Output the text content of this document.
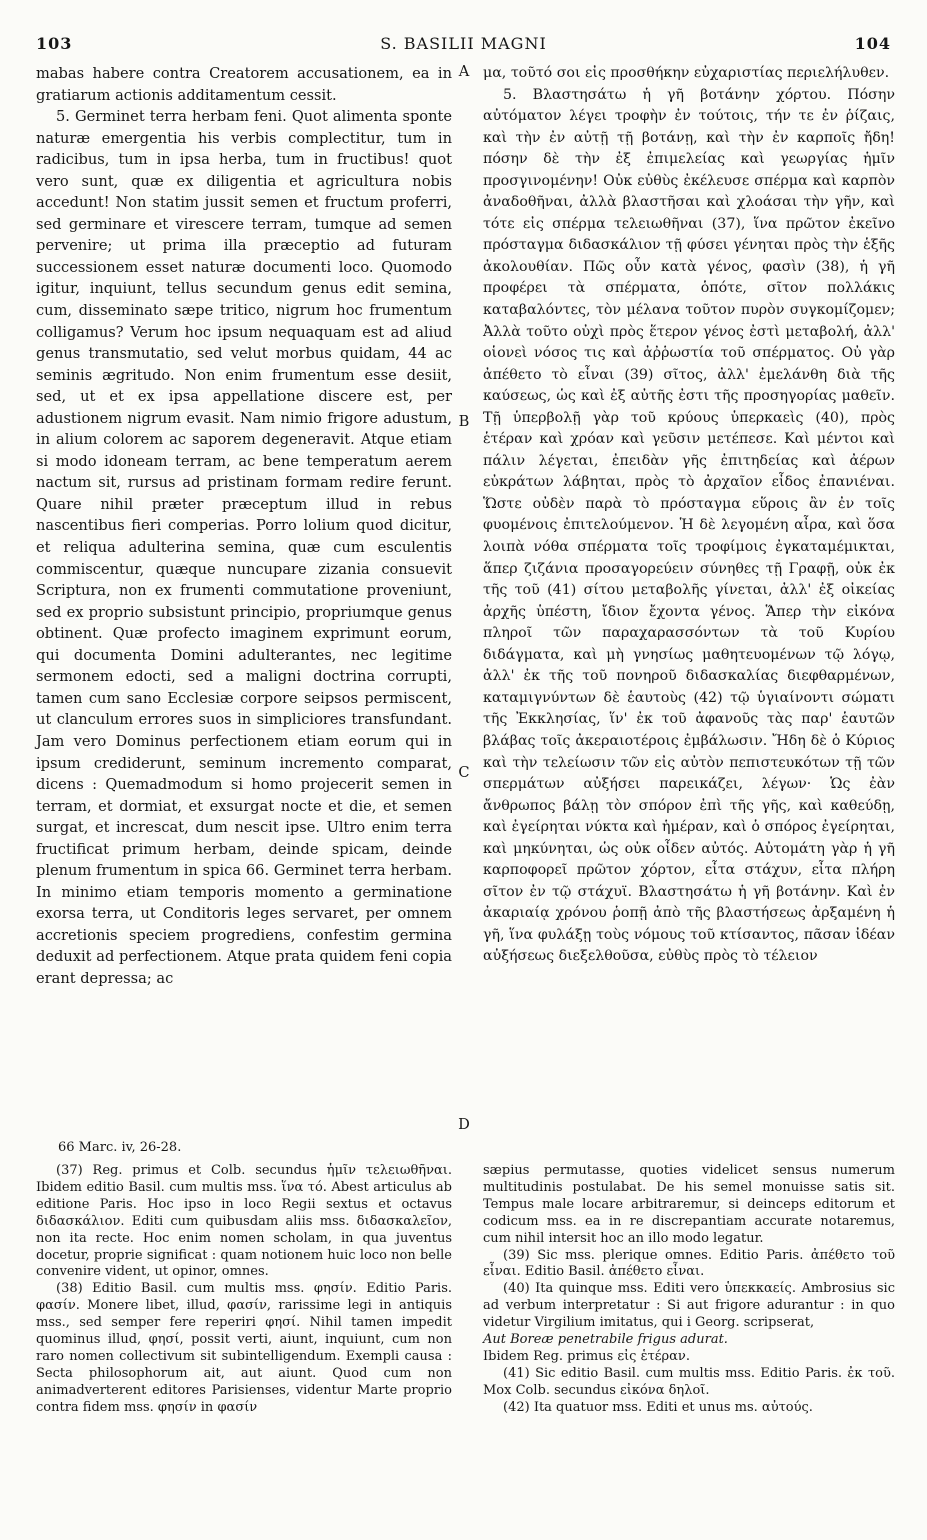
103	S. BASILII MAGNI	104

mabas habere contra Creatorem accusationem, ea in gratiarum actionis additamentum cessit.

5. Germinet terra herbam feni. Quot alimenta sponte naturæ emergentia his verbis complectitur, tum in radicibus, tum in ipsa herba, tum in fructibus! quot vero sunt, quæ ex diligentia et agricultura nobis accedunt! Non statim jussit semen et fructum proferri, sed germinare et virescere terram, tumque ad semen pervenire; ut prima illa præceptio ad futuram successionem esset naturæ documenti loco. Quomodo igitur, inquiunt, tellus secundum genus edit semina, cum, disseminato sæpe tritico, nigrum hoc frumentum colligamus? Verum hoc ipsum nequaquam est ad aliud genus transmutatio, sed velut morbus quidam, 44 ac seminis ægritudo. Non enim frumentum esse desiit, sed, ut et ex ipsa appellatione discere est, per adustionem nigrum evasit. Nam nimio frigore adustum, in alium colorem ac saporem degeneravit. Atque etiam si modo idoneam terram, ac bene temperatum aerem nactum sit, rursus ad pristinam formam redire ferunt. Quare nihil præter præceptum illud in rebus nascentibus fieri comperias. Porro lolium quod dicitur, et reliqua adulterina semina, quæ cum esculentis commiscentur, quæque nuncupare zizania consuevit Scriptura, non ex frumenti commutatione proveniunt, sed ex proprio subsistunt principio, propriumque genus obtinent. Quæ profecto imaginem exprimunt eorum, qui documenta Domini adulterantes, nec legitime sermonem edocti, sed a maligni doctrina corrupti, tamen cum sano Ecclesiæ corpore seipsos permiscent, ut clanculum errores suos in simpliciores transfundant. Jam vero Dominus perfectionem etiam eorum qui in ipsum crediderunt, seminum incremento comparat, dicens : Quemadmodum si homo projecerit semen in terram, et dormiat, et exsurgat nocte et die, et semen surgat, et increscat, dum nescit ipse. Ultro enim terra fructificat primum herbam, deinde spicam, deinde plenum frumentum in spica 66. Germinet terra herbam. In minimo etiam temporis momento a germinatione exorsa terra, ut Conditoris leges servaret, per omnem accretionis speciem progrediens, confestim germina deduxit ad perfectionem. Atque prata quidem feni copia erant depressa; ac

μα, τοῦτό σοι εἰς προσθήκην εὐχαριστίας περιελήλυθεν.

5. Βλαστησάτω ἡ γῆ βοτάνην χόρτου. Πόσην αὐτόματον λέγει τροφὴν ἐν τούτοις, τήν τε ἐν ῥίζαις, καὶ τὴν ἐν αὐτῇ τῇ βοτάνῃ, καὶ τὴν ἐν καρποῖς ἤδη! πόσην δὲ τὴν ἐξ ἐπιμελείας καὶ γεωργίας ἡμῖν προσγινομένην! Οὐκ εὐθὺς ἐκέλευσε σπέρμα καὶ καρπὸν ἀναδοθῆναι, ἀλλὰ βλαστῆσαι καὶ χλοάσαι τὴν γῆν, καὶ τότε εἰς σπέρμα τελειωθῆναι (37), ἵνα πρῶτον ἐκεῖνο πρόσταγμα διδασκάλιον τῇ φύσει γένηται πρὸς τὴν ἑξῆς ἀκολουθίαν. Πῶς οὖν κατὰ γένος, φασὶν (38), ἡ γῆ προφέρει τὰ σπέρματα, ὁπότε, σῖτον πολλάκις καταβαλόντες, τὸν μέλανα τοῦτον πυρὸν συγκομίζομεν; Ἀλλὰ τοῦτο οὐχὶ πρὸς ἕτερον γένος ἐστὶ μεταβολή, ἀλλ' οἱονεὶ νόσος τις καὶ ἀῤῥωστία τοῦ σπέρματος. Οὐ γὰρ ἀπέθετο τὸ εἶναι (39) σῖτος, ἀλλ' ἐμελάνθη διὰ τῆς καύσεως, ὡς καὶ ἐξ αὐτῆς ἐστι τῆς προσηγορίας μαθεῖν. Τῇ ὑπερβολῇ γὰρ τοῦ κρύους ὑπερκαεὶς (40), πρὸς ἑτέραν καὶ χρόαν καὶ γεῦσιν μετέπεσε. Καὶ μέντοι καὶ πάλιν λέγεται, ἐπειδὰν γῆς ἐπιτηδείας καὶ ἀέρων εὐκράτων λάβηται, πρὸς τὸ ἀρχαῖον εἶδος ἐπανιέναι. Ὥστε οὐδὲν παρὰ τὸ πρόσταγμα εὕροις ἂν ἐν τοῖς φυομένοις ἐπιτελούμενον. Ἡ δὲ λεγομένη αἶρα, καὶ ὅσα λοιπὰ νόθα σπέρματα τοῖς τροφίμοις ἐγκαταμέμικται, ἅπερ ζιζάνια προσαγορεύειν σύνηθες τῇ Γραφῇ, οὐκ ἐκ τῆς τοῦ (41) σίτου μεταβολῆς γίνεται, ἀλλ' ἐξ οἰκείας ἀρχῆς ὑπέστη, ἴδιον ἔχοντα γένος. Ἅπερ τὴν εἰκόνα πληροῖ τῶν παραχαρασσόντων τὰ τοῦ Κυρίου διδάγματα, καὶ μὴ γνησίως μαθητευομένων τῷ λόγῳ, ἀλλ' ἐκ τῆς τοῦ πονηροῦ διδασκαλίας διεφθαρμένων, καταμιγνύντων δὲ ἑαυτοὺς (42) τῷ ὑγιαίνοντι σώματι τῆς Ἐκκλησίας, ἵν' ἐκ τοῦ ἀφανοῦς τὰς παρ' ἑαυτῶν βλάβας τοῖς ἀκεραιοτέροις ἐμβάλωσιν. Ἤδη δὲ ὁ Κύριος καὶ τὴν τελείωσιν τῶν εἰς αὐτὸν πεπιστευκότων τῇ τῶν σπερμάτων αὐξήσει παρεικάζει, λέγων· Ὡς ἐὰν ἄνθρωπος βάλῃ τὸν σπόρον ἐπὶ τῆς γῆς, καὶ καθεύδῃ, καὶ ἐγείρηται νύκτα καὶ ἡμέραν, καὶ ὁ σπόρος ἐγείρηται, καὶ μηκύνηται, ὡς οὐκ οἶδεν αὐτός. Αὐτομάτη γὰρ ἡ γῆ καρποφορεῖ πρῶτον χόρτον, εἶτα στάχυν, εἶτα πλήρη σῖτον ἐν τῷ στάχυϊ. Βλαστησάτω ἡ γῆ βοτάνην. Καὶ ἐν ἀκαριαίᾳ χρόνου ῥοπῇ ἀπὸ τῆς βλαστήσεως ἀρξαμένη ἡ γῆ, ἵνα φυλάξῃ τοὺς νόμους τοῦ κτίσαντος, πᾶσαν ἰδέαν αὐξήσεως διεξελθοῦσα, εὐθὺς πρὸς τὸ τέλειον

A
B
C
D
66 Marc. iv, 26-28.

(37) Reg. primus et Colb. secundus ἡμῖν τελειωθῆναι. Ibidem editio Basil. cum multis mss. ἵνα τό. Abest articulus ab editione Paris. Hoc ipso in loco Regii sextus et octavus διδασκάλιον. Editi cum quibusdam aliis mss. διδασκαλεῖον, non ita recte. Hoc enim nomen scholam, in qua juventus docetur, proprie significat : quam notionem huic loco non belle convenire vident, ut opinor, omnes.

(38) Editio Basil. cum multis mss. φησίν. Editio Paris. φασίν. Monere libet, illud, φασίν, rarissime legi in antiquis mss., sed semper fere reperiri φησί. Nihil tamen impedit quominus illud, φησί, possit verti, aiunt, inquiunt, cum non raro nomen collectivum sit subintelligendum. Exempli causa : Secta philosophorum ait, aut aiunt. Quod cum non animadverterent editores Parisienses, videntur Marte proprio contra fidem mss. φησίν in φασίν

sæpius permutasse, quoties videlicet sensus numerum multitudinis postulabat. De his semel monuisse satis sit. Tempus male locare arbitraremur, si deinceps editorum et codicum mss. ea in re discrepantiam accurate notaremus, cum nihil intersit hoc an illo modo legatur.

(39) Sic mss. plerique omnes. Editio Paris. ἀπέθετο τοῦ εἶναι. Editio Basil. ἀπέθετο εἶναι.

(40) Ita quinque mss. Editi vero ὑπεκκαείς. Ambrosius sic ad verbum interpretatur : Si aut frigore adurantur : in quo videtur Virgilium imitatus, qui i Georg. scripserat,

Aut Boreæ penetrabile frigus adurat.

Ibidem Reg. primus εἰς ἑτέραν.

(41) Sic editio Basil. cum multis mss. Editio Paris. ἐκ τοῦ. Mox Colb. secundus εἰκόνα δηλοῖ.

(42) Ita quatuor mss. Editi et unus ms. αὐτούς.
